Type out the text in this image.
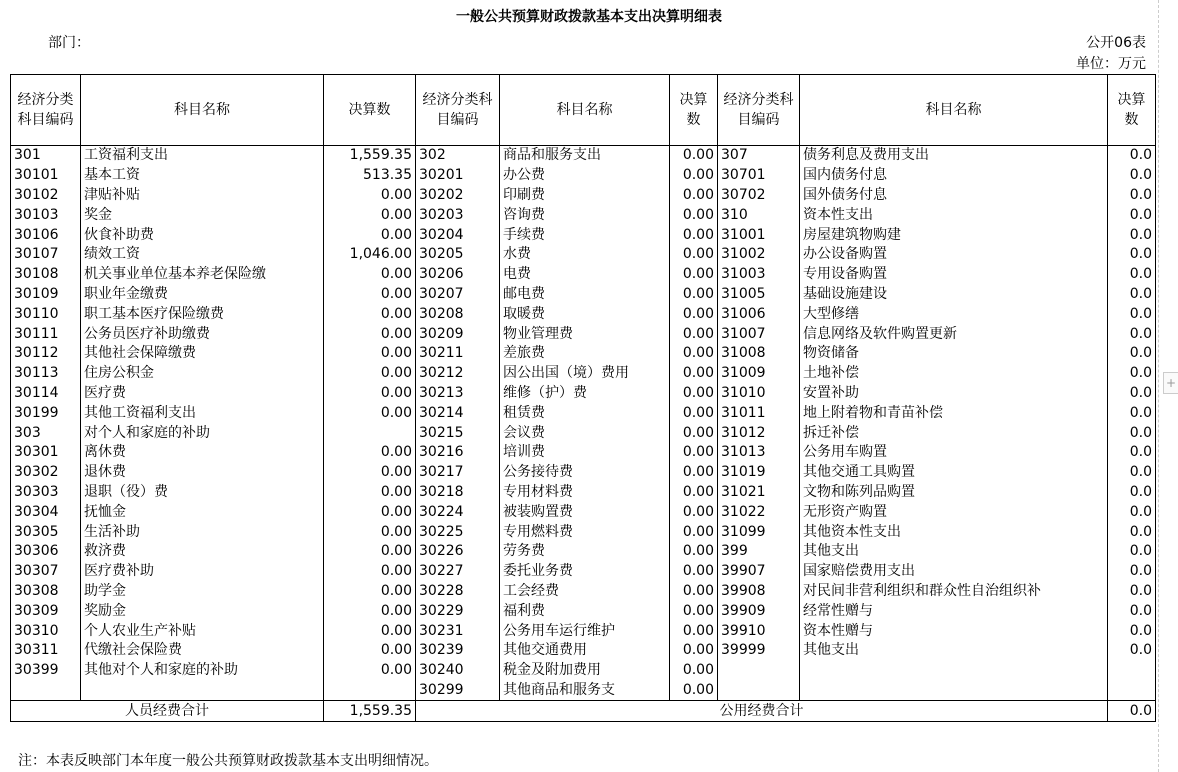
一般公共预算财政拨款基本支出决算明细表
部门：	公开06表
单位：万元
经济分类科目编码	科目名称	决算数	经济分类科目编码	科目名称	决算数	经济分类科目编码	科目名称	决算数
301	工资福利支出	1,559.35	302	商品和服务支出	0.00	307	债务利息及费用支出	0.0
30101	基本工资	513.35	30201	办公费	0.00	30701	国内债务付息	0.0
30102	津贴补贴	0.00	30202	印刷费	0.00	30702	国外债务付息	0.0
30103	奖金	0.00	30203	咨询费	0.00	310	资本性支出	0.0
30106	伙食补助费	0.00	30204	手续费	0.00	31001	房屋建筑物购建	0.0
30107	绩效工资	1,046.00	30205	水费	0.00	31002	办公设备购置	0.0
30108	机关事业单位基本养老保险缴	0.00	30206	电费	0.00	31003	专用设备购置	0.0
30109	职业年金缴费	0.00	30207	邮电费	0.00	31005	基础设施建设	0.0
30110	职工基本医疗保险缴费	0.00	30208	取暖费	0.00	31006	大型修缮	0.0
30111	公务员医疗补助缴费	0.00	30209	物业管理费	0.00	31007	信息网络及软件购置更新	0.0
30112	其他社会保障缴费	0.00	30211	差旅费	0.00	31008	物资储备	0.0
30113	住房公积金	0.00	30212	因公出国（境）费用	0.00	31009	土地补偿	0.0
30114	医疗费	0.00	30213	维修（护）费	0.00	31010	安置补助	0.0
30199	其他工资福利支出	0.00	30214	租赁费	0.00	31011	地上附着物和青苗补偿	0.0
303	对个人和家庭的补助		30215	会议费	0.00	31012	拆迁补偿	0.0
30301	离休费	0.00	30216	培训费	0.00	31013	公务用车购置	0.0
30302	退休费	0.00	30217	公务接待费	0.00	31019	其他交通工具购置	0.0
30303	退职（役）费	0.00	30218	专用材料费	0.00	31021	文物和陈列品购置	0.0
30304	抚恤金	0.00	30224	被装购置费	0.00	31022	无形资产购置	0.0
30305	生活补助	0.00	30225	专用燃料费	0.00	31099	其他资本性支出	0.0
30306	救济费	0.00	30226	劳务费	0.00	399	其他支出	0.0
30307	医疗费补助	0.00	30227	委托业务费	0.00	39907	国家赔偿费用支出	0.0
30308	助学金	0.00	30228	工会经费	0.00	39908	对民间非营利组织和群众性自治组织补	0.0
30309	奖励金	0.00	30229	福利费	0.00	39909	经常性赠与	0.0
30310	个人农业生产补贴	0.00	30231	公务用车运行维护	0.00	39910	资本性赠与	0.0
30311	代缴社会保险费	0.00	30239	其他交通费用	0.00	39999	其他支出	0.0
30399	其他对个人和家庭的补助	0.00	30240	税金及附加费用	0.00			
			30299	其他商品和服务支	0.00			
人员经费合计		1,559.35	公用经费合计					0.0
注：本表反映部门本年度一般公共预算财政拨款基本支出明细情况。
+
